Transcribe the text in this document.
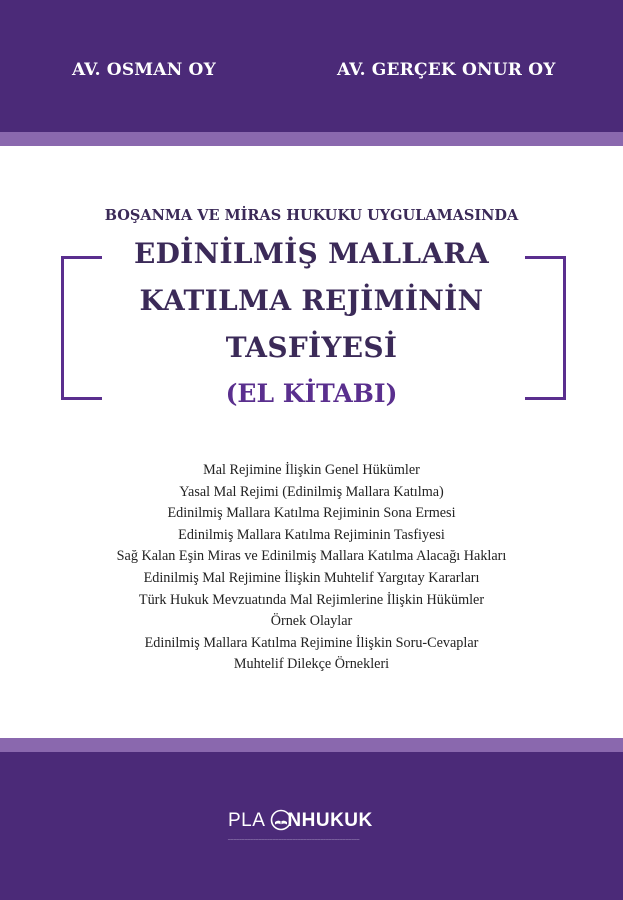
AV. OSMAN OY	AV. GERÇEK ONUR OY
BOŞANMA VE MİRAS HUKUKU UYGULAMASINDA
EDİNİLMİŞ MALLARA
KATILMA REJİMİNİN
TASFİYESİ
(EL KİTABI)
Mal Rejimine İlişkin Genel Hükümler
Yasal Mal Rejimi (Edinilmiş Mallara Katılma)
Edinilmiş Mallara Katılma Rejiminin Sona Ermesi
Edinilmiş Mallara Katılma Rejiminin Tasfiyesi
Sağ Kalan Eşin Miras ve Edinilmiş Mallara Katılma Alacağı Hakları
Edinilmiş Mal Rejimine İlişkin Muhtelif Yargıtay Kararları
Türk Hukuk Mevzuatında Mal Rejimlerine İlişkin Hükümler
Örnek Olaylar
Edinilmiş Mallara Katılma Rejimine İlişkin Soru-Cevaplar
Muhtelif Dilekçe Örnekleri
PLA NHUKUK
_______________________________________________
